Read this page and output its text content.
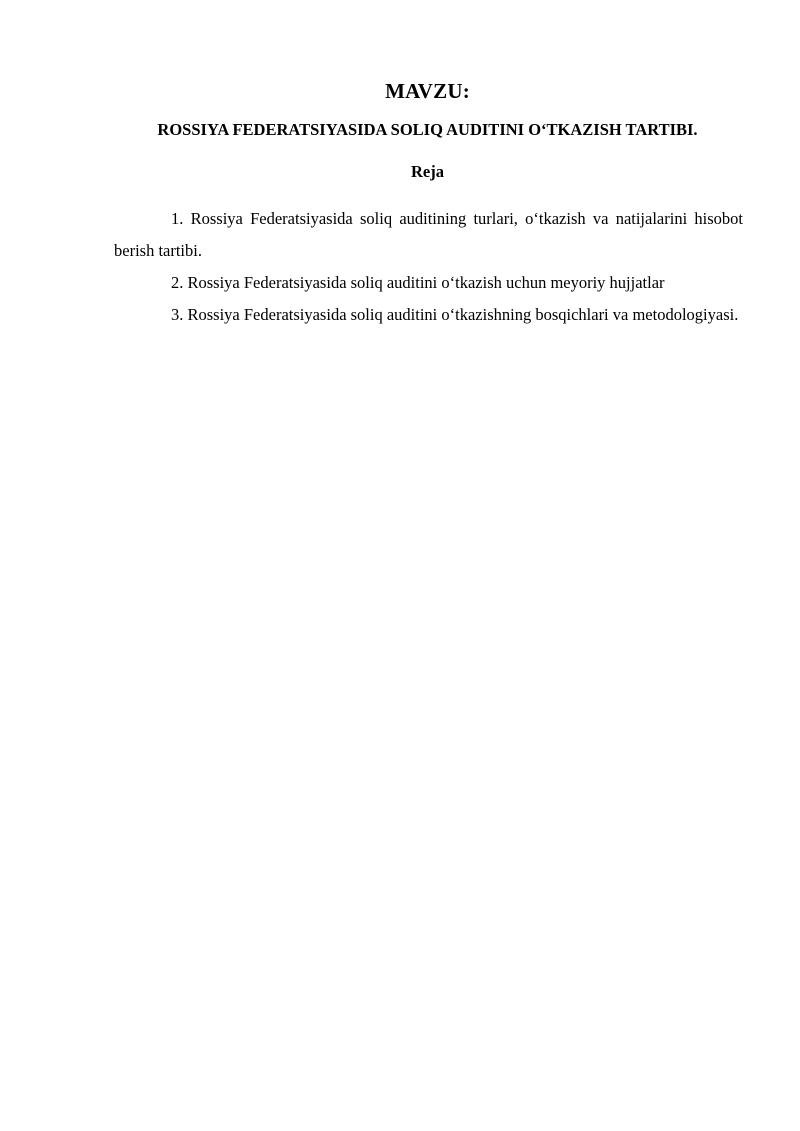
MAVZU:
ROSSIYA FEDERATSIYASIDA SOLIQ AUDITINI O‘TKAZISH TARTIBI.
Reja
1. Rossiya Federatsiyasida soliq auditining turlari, o‘tkazish va natijalarini hisobot berish tartibi.
2. Rossiya Federatsiyasida soliq auditini o‘tkazish uchun meyoriy hujjatlar
3. Rossiya Federatsiyasida soliq auditini o‘tkazishning bosqichlari va metodologiyasi.
